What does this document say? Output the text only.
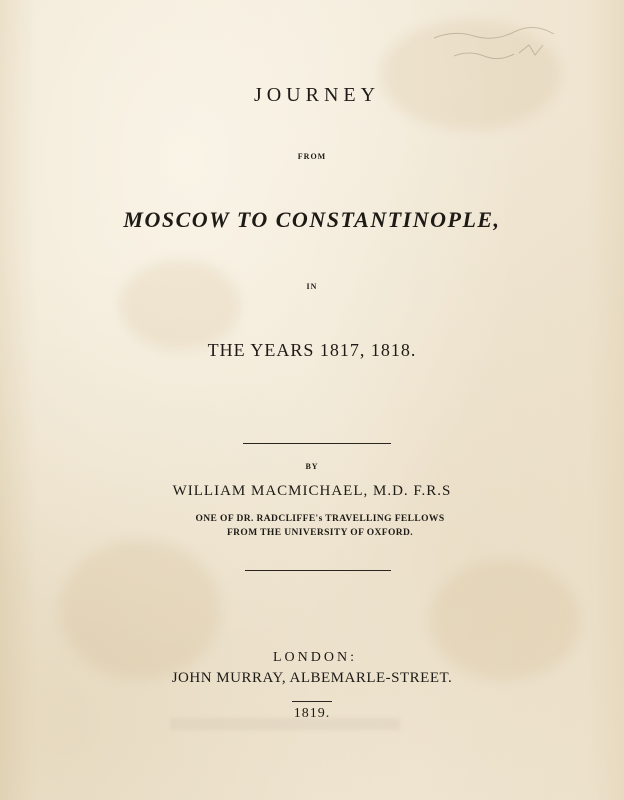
JOURNEY
FROM
MOSCOW TO CONSTANTINOPLE,
IN
THE YEARS 1817, 1818.
BY
WILLIAM MACMICHAEL, M.D. F.R.S
ONE OF DR. RADCLIFFE's TRAVELLING FELLOWS
FROM THE UNIVERSITY OF OXFORD.
LONDON:
JOHN MURRAY, ALBEMARLE-STREET.
1819.
